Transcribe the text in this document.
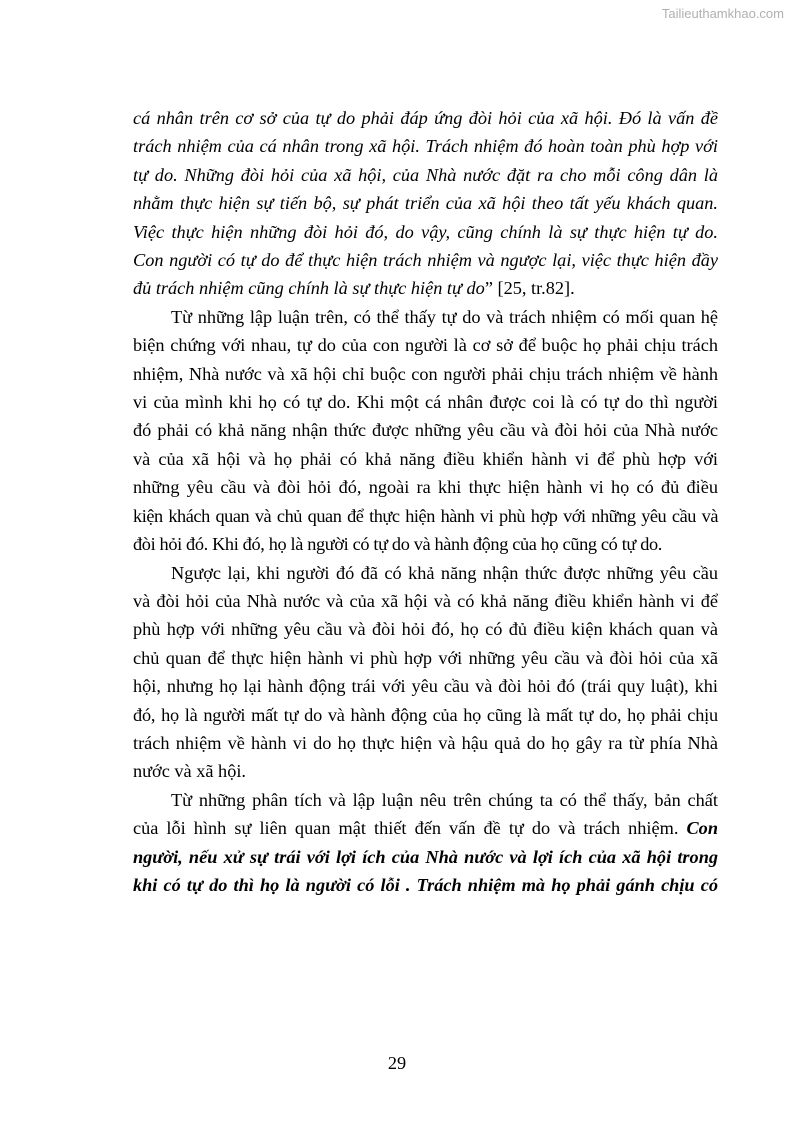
Tailieuthamkhao.com

cá nhân trên cơ sở của tự do phải đáp ứng đòi hỏi của xã hội. Đó là vấn đề
trách nhiệm của cá nhân trong xã hội. Trách nhiệm đó hoàn toàn phù hợp với
tự do. Những đòi hỏi của xã hội, của Nhà nước đặt ra cho mỗi công dân là
nhằm thực hiện sự tiến bộ, sự phát triển của xã hội theo tất yếu khách quan.
Việc thực hiện những đòi hỏi đó, do vậy, cũng chính là sự thực hiện tự do.
Con người có tự do để thực hiện trách nhiệm và ngược lại, việc thực hiện đầy
đủ trách nhiệm cũng chính là sự thực hiện tự do” [25, tr.82].

Từ những lập luận trên, có thể thấy tự do và trách nhiệm có mối quan hệ
biện chứng với nhau, tự do của con người là cơ sở để buộc họ phải chịu trách
nhiệm, Nhà nước và xã hội chỉ buộc con người phải chịu trách nhiệm về hành
vi của mình khi họ có tự do. Khi một cá nhân được coi là có tự do thì người
đó phải có khả năng nhận thức được những yêu cầu và đòi hỏi của Nhà nước
và của xã hội và họ phải có khả năng điều khiển hành vi để phù hợp với
những yêu cầu và đòi hỏi đó, ngoài ra khi thực hiện hành vi họ có đủ điều
kiện khách quan và chủ quan để thực hiện hành vi phù hợp với những yêu cầu và
đòi hỏi đó. Khi đó, họ là người có tự do và hành động của họ cũng có tự do.

Ngược lại, khi người đó đã có khả năng nhận thức được những yêu cầu
và đòi hỏi của Nhà nước và của xã hội và có khả năng điều khiển hành vi để
phù hợp với những yêu cầu và đòi hỏi đó, họ có đủ điều kiện khách quan và
chủ quan để thực hiện hành vi phù hợp với những yêu cầu và đòi hỏi của xã
hội, nhưng họ lại hành động trái với yêu cầu và đòi hỏi đó (trái quy luật), khi
đó, họ là người mất tự do và hành động của họ cũng là mất tự do, họ phải chịu
trách nhiệm về hành vi do họ thực hiện và hậu quả do họ gây ra từ phía Nhà
nước và xã hội.

Từ những phân tích và lập luận nêu trên chúng ta có thể thấy, bản chất
của lỗi hình sự liên quan mật thiết đến vấn đề tự do và trách nhiệm. Con
người, nếu xử sự trái với lợi ích của Nhà nước và lợi ích của xã hội trong
khi có tự do thì họ là người có lỗi . Trách nhiệm mà họ phải gánh chịu có

29
